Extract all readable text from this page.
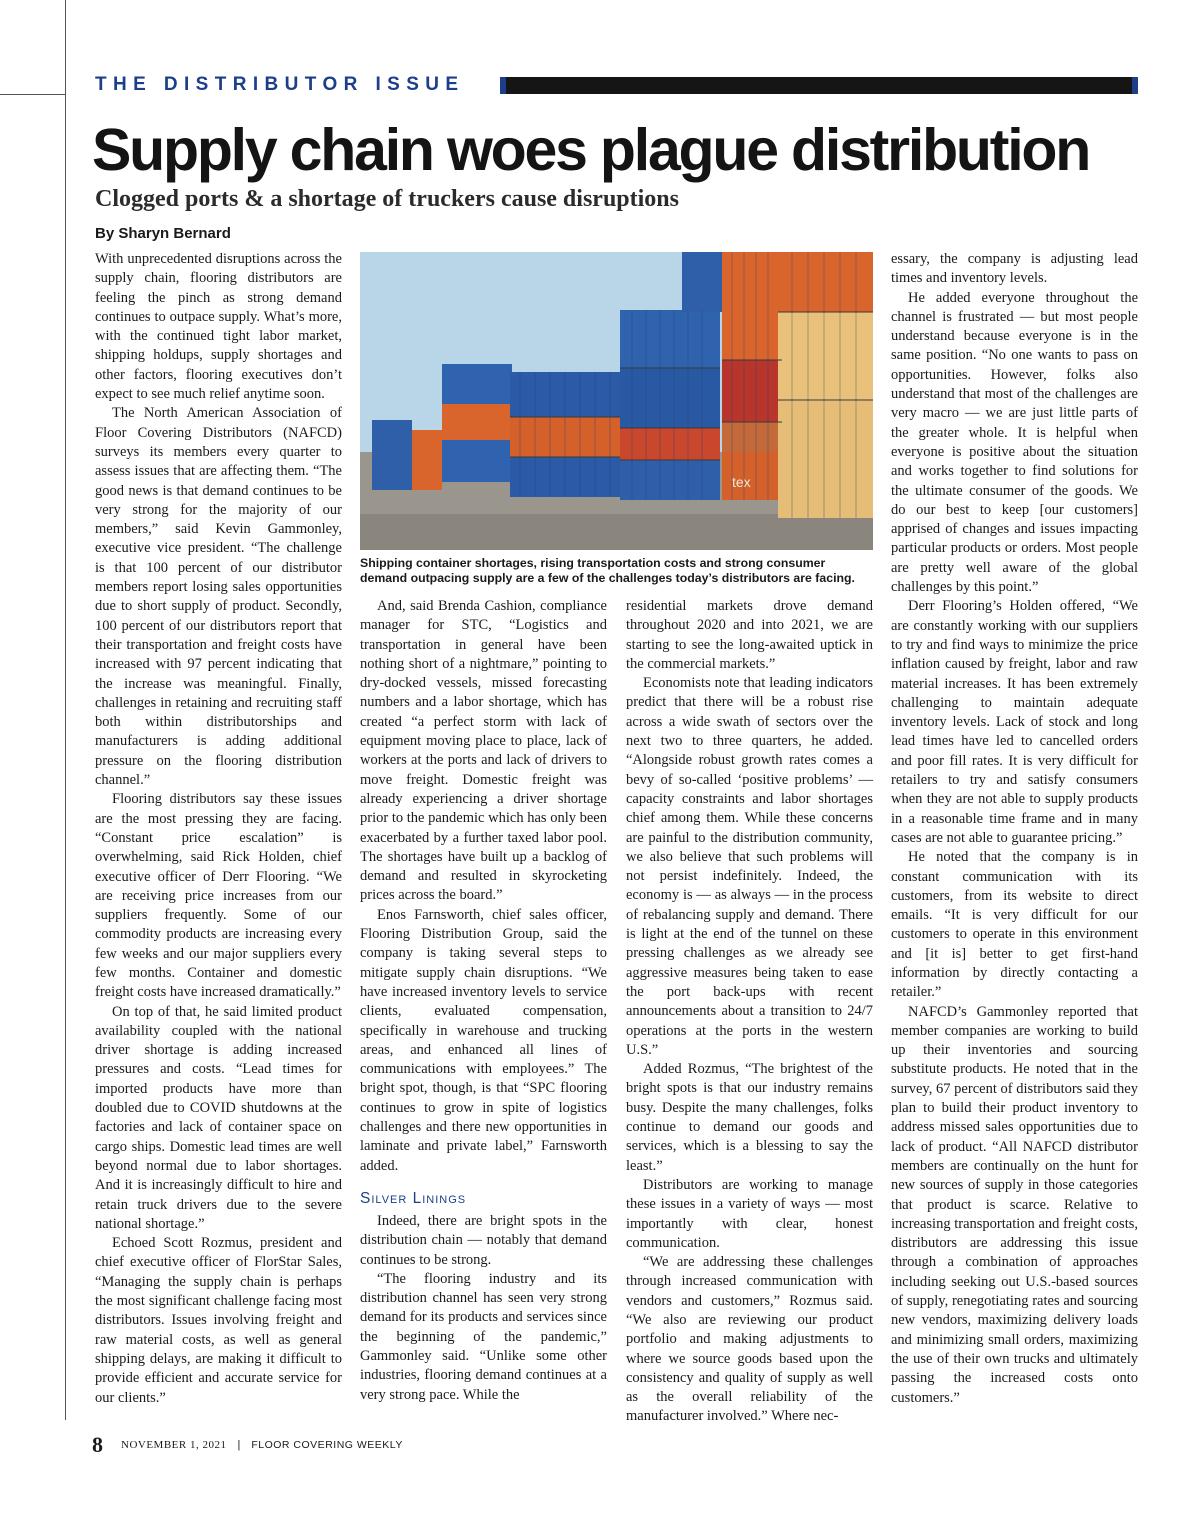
THE DISTRIBUTOR ISSUE
Supply chain woes plague distribution
Clogged ports & a shortage of truckers cause disruptions
By Sharyn Bernard

With unprecedented disruptions across the supply chain, flooring distributors are feeling the pinch as strong demand continues to outpace supply. What’s more, with the continued tight labor market, shipping holdups, supply shortages and other factors, flooring executives don’t expect to see much relief anytime soon.

The North American Association of Floor Covering Distributors (NAFCD) surveys its members every quarter to assess issues that are affecting them. “The good news is that demand continues to be very strong for the majority of our members,” said Kevin Gammonley, executive vice president. “The challenge is that 100 percent of our distributor members report losing sales opportunities due to short supply of product. Secondly, 100 percent of our distributors report that their transportation and freight costs have increased with 97 percent indicating that the increase was meaningful. Finally, challenges in retaining and recruiting staff both within distributorships and manufacturers is adding additional pressure on the flooring distribution channel.”

Flooring distributors say these issues are the most pressing they are facing. “Constant price escalation” is overwhelming, said Rick Holden, chief executive officer of Derr Flooring. “We are receiving price increases from our suppliers frequently. Some of our commodity products are increasing every few weeks and our major suppliers every few months. Container and domestic freight costs have increased dramatically.”

On top of that, he said limited product availability coupled with the national driver shortage is adding increased pressures and costs. “Lead times for imported products have more than doubled due to COVID shutdowns at the factories and lack of container space on cargo ships. Domestic lead times are well beyond normal due to labor shortages. And it is increasingly difficult to hire and retain truck drivers due to the severe national shortage.”

Echoed Scott Rozmus, president and chief executive officer of FlorStar Sales, “Managing the supply chain is perhaps the most significant challenge facing most distributors. Issues involving freight and raw material costs, as well as general shipping delays, are making it difficult to provide efficient and accurate service for our clients.”

tex

Shipping container shortages, rising transportation costs and strong consumer demand outpacing supply are a few of the challenges today’s distributors are facing.

And, said Brenda Cashion, compliance manager for STC, “Logistics and transportation in general have been nothing short of a nightmare,” pointing to dry-docked vessels, missed forecasting numbers and a labor shortage, which has created “a perfect storm with lack of equipment moving place to place, lack of workers at the ports and lack of drivers to move freight. Domestic freight was already experiencing a driver shortage prior to the pandemic which has only been exacerbated by a further taxed labor pool. The shortages have built up a backlog of demand and resulted in skyrocketing prices across the board.”

Enos Farnsworth, chief sales officer, Flooring Distribution Group, said the company is taking several steps to mitigate supply chain disruptions. “We have increased inventory levels to service clients, evaluated compensation, specifically in warehouse and trucking areas, and enhanced all lines of communications with employees.” The bright spot, though, is that “SPC flooring continues to grow in spite of logistics challenges and there new opportunities in laminate and private label,” Farnsworth added.

Silver Linings

Indeed, there are bright spots in the distribution chain — notably that demand continues to be strong.

“The flooring industry and its distribution channel has seen very strong demand for its products and services since the beginning of the pandemic,” Gammonley said. “Unlike some other industries, flooring demand continues at a very strong pace. While the

residential markets drove demand throughout 2020 and into 2021, we are starting to see the long-awaited uptick in the commercial markets.”

Economists note that leading indicators predict that there will be a robust rise across a wide swath of sectors over the next two to three quarters, he added. “Alongside robust growth rates comes a bevy of so-called ‘positive problems’ — capacity constraints and labor shortages chief among them. While these concerns are painful to the distribution community, we also believe that such problems will not persist indefinitely. Indeed, the economy is — as always — in the process of rebalancing supply and demand. There is light at the end of the tunnel on these pressing challenges as we already see aggressive measures being taken to ease the port back-ups with recent announcements about a transition to 24/7 operations at the ports in the western U.S.”

Added Rozmus, “The brightest of the bright spots is that our industry remains busy. Despite the many challenges, folks continue to demand our goods and services, which is a blessing to say the least.”

Distributors are working to manage these issues in a variety of ways — most importantly with clear, honest communication.

“We are addressing these challenges through increased communication with vendors and customers,” Rozmus said. “We also are reviewing our product portfolio and making adjustments to where we source goods based upon the consistency and quality of supply as well as the overall reliability of the manufacturer involved.” Where nec-

essary, the company is adjusting lead times and inventory levels.

He added everyone throughout the channel is frustrated — but most people understand because everyone is in the same position. “No one wants to pass on opportunities. However, folks also understand that most of the challenges are very macro — we are just little parts of the greater whole. It is helpful when everyone is positive about the situation and works together to find solutions for the ultimate consumer of the goods. We do our best to keep [our customers] apprised of changes and issues impacting particular products or orders. Most people are pretty well aware of the global challenges by this point.”

Derr Flooring’s Holden offered, “We are constantly working with our suppliers to try and find ways to minimize the price inflation caused by freight, labor and raw material increases. It has been extremely challenging to maintain adequate inventory levels. Lack of stock and long lead times have led to cancelled orders and poor fill rates. It is very difficult for retailers to try and satisfy consumers when they are not able to supply products in a reasonable time frame and in many cases are not able to guarantee pricing.”

He noted that the company is in constant communication with its customers, from its website to direct emails. “It is very difficult for our customers to operate in this environment and [it is] better to get first-hand information by directly contacting a retailer.”

NAFCD’s Gammonley reported that member companies are working to build up their inventories and sourcing substitute products. He noted that in the survey, 67 percent of distributors said they plan to build their product inventory to address missed sales opportunities due to lack of product. “All NAFCD distributor members are continually on the hunt for new sources of supply in those categories that product is scarce. Relative to increasing transportation and freight costs, distributors are addressing this issue through a combination of approaches including seeking out U.S.-based sources of supply, renegotiating rates and sourcing new vendors, maximizing delivery loads and minimizing small orders, maximizing the use of their own trucks and ultimately passing the increased costs onto customers.”

8 NOVEMBER 1, 2021 | FLOOR COVERING WEEKLY
